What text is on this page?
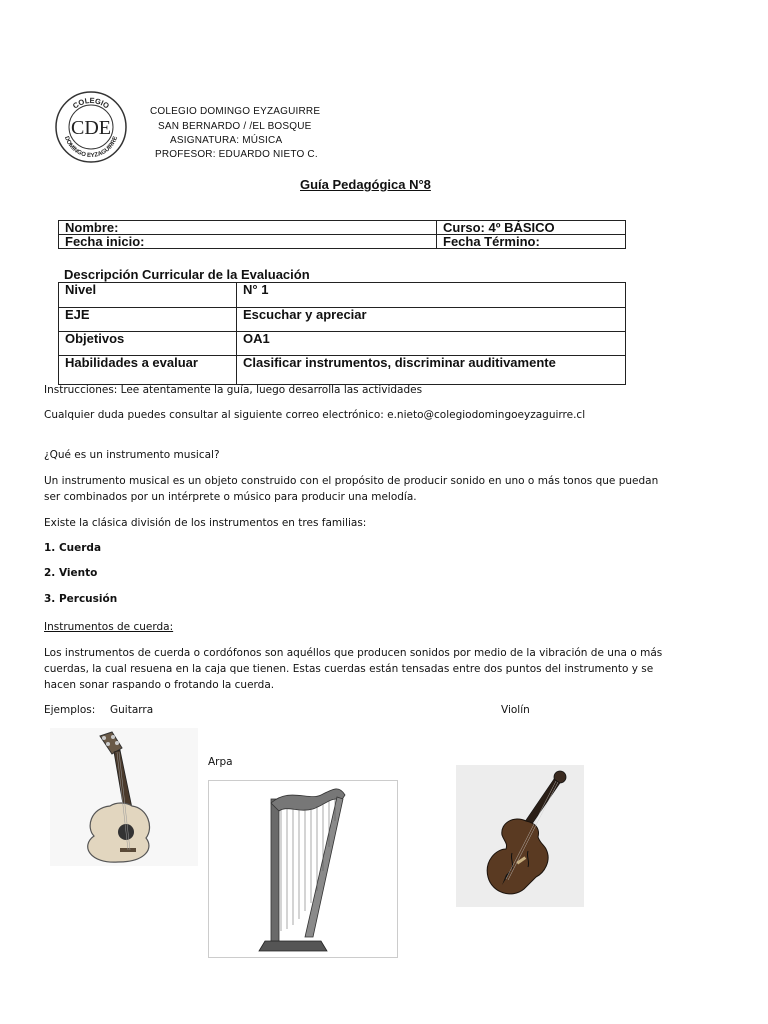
COLEGIO
CDE
DOMINGO EYZAGUIRRE
COLEGIO DOMINGO EYZAGUIRRE
SAN BERNARDO / /EL BOSQUE
ASIGNATURA: MÚSICA
PROFESOR: EDUARDO NIETO C.
Guía Pedagógica N°8
Nombre:	Curso: 4º BÁSICO
Fecha inicio:	Fecha Término:
Descripción Curricular de la Evaluación
Nivel	N° 1
EJE	Escuchar y apreciar
Objetivos	OA1
Habilidades a evaluar	Clasificar instrumentos, discriminar auditivamente
Instrucciones: Lee atentamente la guía, luego desarrolla las actividades
Cualquier duda puedes consultar al siguiente correo electrónico: e.nieto@colegiodomingoeyzaguirre.cl
¿Qué es un instrumento musical?
Un instrumento musical es un objeto construido con el propósito de producir sonido en uno o más tonos que puedan
ser combinados por un intérprete o músico para producir una melodía.
Existe la clásica división de los instrumentos en tres familias:
1. Cuerda
2. Viento
3. Percusión
Instrumentos de cuerda:
Los instrumentos de cuerda o cordófonos son aquéllos que producen sonidos por medio de la vibración de una o más
cuerdas, la cual resuena en la caja que tienen. Estas cuerdas están tensadas entre dos puntos del instrumento y se
hacen sonar raspando o frotando la cuerda.
Ejemplos: Guitarra	Violín
Arpa
